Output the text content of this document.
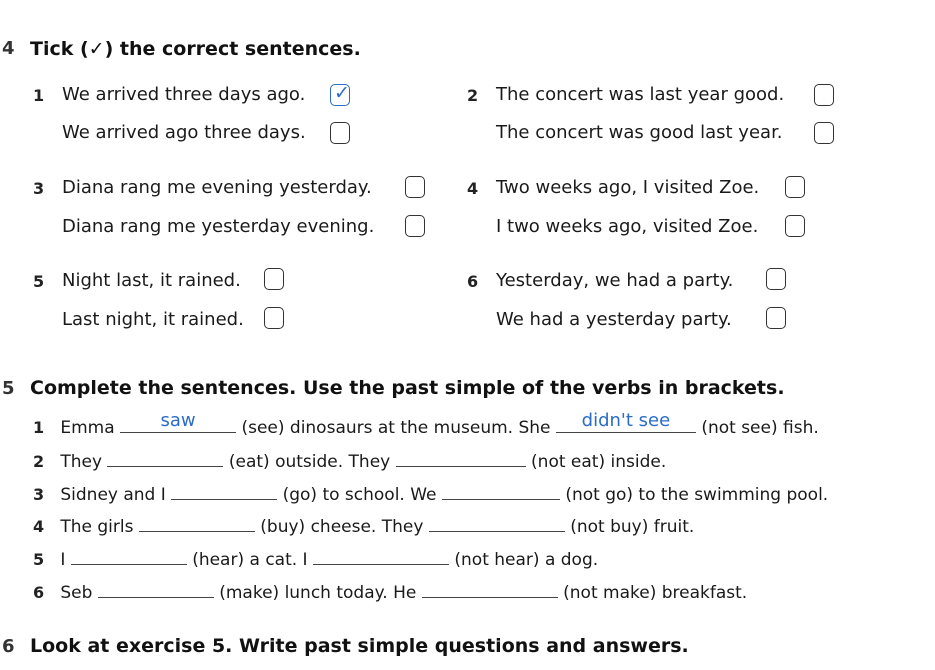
4 Tick (✓) the correct sentences.
1 We arrived three days ago. ✓
We arrived ago three days.
2 The concert was last year good.
The concert was good last year.
3 Diana rang me evening yesterday.
Diana rang me yesterday evening.
4 Two weeks ago, I visited Zoe.
I two weeks ago, visited Zoe.
5 Night last, it rained.
Last night, it rained.
6 Yesterday, we had a party.
We had a yesterday party.
5 Complete the sentences. Use the past simple of the verbs in brackets.
1 Emma	saw	(see) dinosaurs at the museum. She	didn't see	(not see) fish.
2 They	(eat) outside. They	(not eat) inside.
3 Sidney and I	(go) to school. We	(not go) to the swimming pool.
4 The girls	(buy) cheese. They	(not buy) fruit.
5 I	(hear) a cat. I	(not hear) a dog.
6 Seb	(make) lunch today. He	(not make) breakfast.
6 Look at exercise 5. Write past simple questions and answers.
